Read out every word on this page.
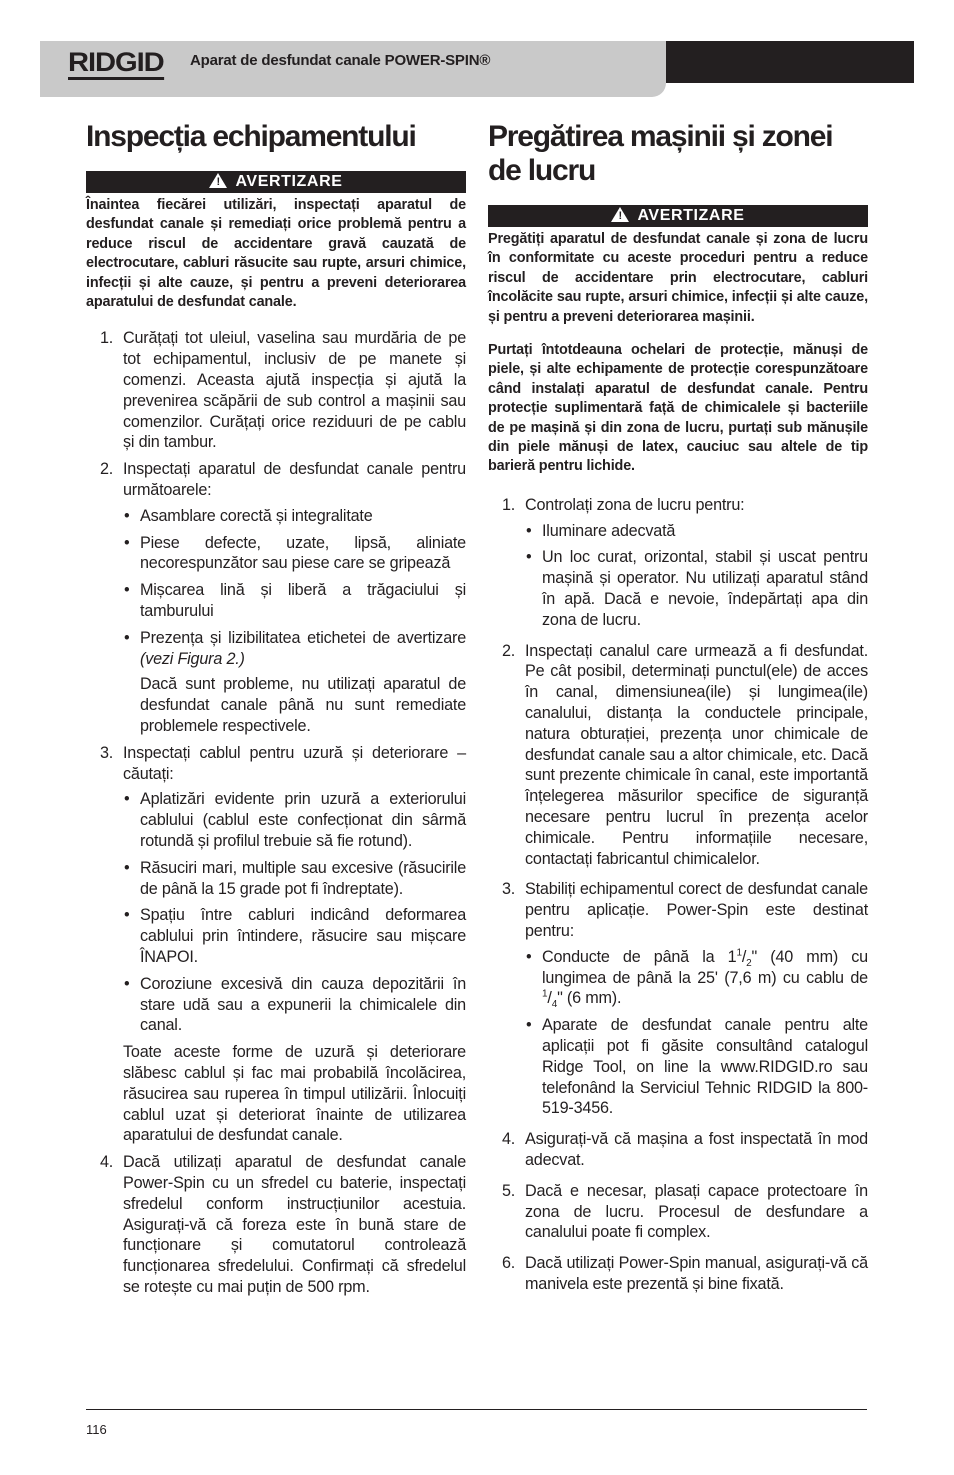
RIDGID Aparat de desfundat canale POWER-SPIN®
Inspecția echipamentului
! AVERTIZARE

Înaintea fiecărei utilizări, inspectați aparatul de desfundat canale și remediați orice problemă pentru a reduce riscul de accidentare gravă cauzată de electrocutare, cabluri răsucite sau rupte, arsuri chimice, infecții și alte cauze, și pentru a preveni deteriorarea aparatului de desfundat canale.

1. Curățați tot uleiul, vaselina sau murdăria de pe tot echipamentul, inclusiv de pe manete și comenzi. Aceasta ajută inspecția și ajută la prevenirea scăpării de sub control a mașinii sau comenzilor. Curățați orice reziduuri de pe cablu și din tambur.
2. Inspectați aparatul de desfundat canale pentru următoarele:
• Asamblare corectă și integralitate
• Piese defecte, uzate, lipsă, aliniate necorespunzător sau piese care se gripează
• Mișcarea lină și liberă a trăgaciului și tamburului
• Prezența și lizibilitatea etichetei de avertizare (vezi Figura 2.)

Dacă sunt probleme, nu utilizați aparatul de desfundat canale până nu sunt remediate problemele respectivele.

3. Inspectați cablul pentru uzură și deteriorare – căutați:
• Aplatizări evidente prin uzură a exteriorului cablului (cablul este confecționat din sârmă rotundă și profilul trebuie să fie rotund).
• Răsuciri mari, multiple sau excesive (răsucirile de până la 15 grade pot fi îndreptate).
• Spațiu între cabluri indicând deformarea cablului prin întindere, răsucire sau mișcare ÎNAPOI.
• Coroziune excesivă din cauza depozitării în stare udă sau a expunerii la chimicalele din canal.

Toate aceste forme de uzură și deteriorare slăbesc cablul și fac mai probabilă încolăcirea, răsucirea sau ruperea în timpul utilizării. Înlocuiți cablul uzat și deteriorat înainte de utilizarea aparatului de desfundat canale.

4. Dacă utilizați aparatul de desfundat canale Power-Spin cu un sfredel cu baterie, inspectați sfredelul conform instrucțiunilor acestuia. Asigurați-vă că foreza este în bună stare de funcționare și comutatorul controlează funcționarea sfredelului. Confirmați că sfredelul se rotește cu mai puțin de 500 rpm.
Pregătirea mașinii și zonei de lucru
! AVERTIZARE

Pregătiți aparatul de desfundat canale și zona de lucru în conformitate cu aceste proceduri pentru a reduce riscul de accidentare prin electrocutare, cabluri încolăcite sau rupte, arsuri chimice, infecții și alte cauze, și pentru a preveni deteriorarea mașinii.

Purtați întotdeauna ochelari de protecție, mănuși de piele, și alte echipamente de protecție corespunzătoare când instalați aparatul de desfundat canale. Pentru protecție suplimentară față de chimicalele și bacteriile de pe mașină și din zona de lucru, purtați sub mănușile din piele mănuși de latex, cauciuc sau altele de tip barieră pentru lichide.

1. Controlați zona de lucru pentru:
• Iluminare adecvată
• Un loc curat, orizontal, stabil și uscat pentru mașină și operator. Nu utilizați aparatul stând în apă. Dacă e nevoie, îndepărtați apa din zona de lucru.
2. Inspectați canalul care urmează a fi desfundat. Pe cât posibil, determinați punctul(ele) de acces în canal, dimensiunea(ile) și lungimea(ile) canalului, distanța la conductele principale, natura obturației, prezența unor chimicale de desfundat canale sau a altor chimicale, etc. Dacă sunt prezente chimicale în canal, este importantă înțelegerea măsurilor specifice de siguranță necesare pentru lucrul în prezența acelor chimicale. Pentru informațiile necesare, contactați fabricantul chimicalelor.
3. Stabiliți echipamentul corect de desfundat canale pentru aplicație. Power-Spin este destinat pentru:
• Conducte de până la $1^1/_2$" (40 mm) cu lungimea de până la 25' (7,6 m) cu cablu de $^1/_4$" (6 mm).
• Aparate de desfundat canale pentru alte aplicații pot fi găsite consultând catalogul Ridge Tool, on line la www.RIDGID.ro sau telefonând la Serviciul Tehnic RIDGID la 800-519-3456.
4. Asigurați-vă că mașina a fost inspectată în mod adecvat.
5. Dacă e necesar, plasați capace protectoare în zona de lucru. Procesul de desfundare a canalului poate fi complex.
6. Dacă utilizați Power-Spin manual, asigurați-vă că manivela este prezentă și bine fixată.
116
